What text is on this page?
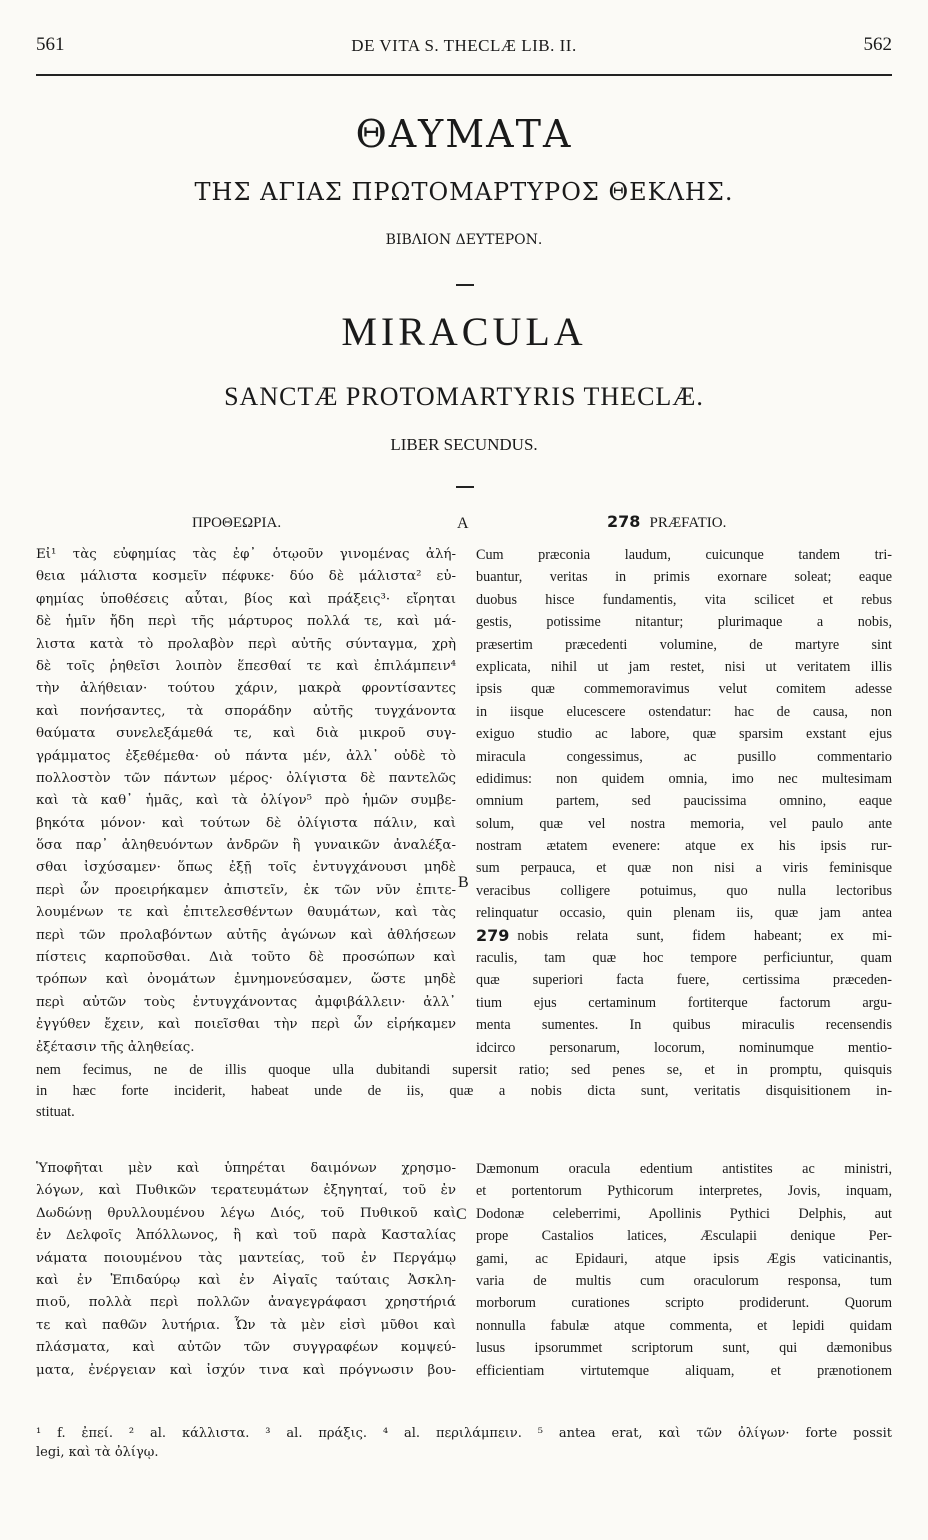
561	DE VITA S. THECLÆ LIB. II.	562
ΘΑΥΜΑΤΑ
ΤΗΣ ΑΓΙΑΣ ΠΡΩΤΟΜΑΡΤΥΡΟΣ ΘΕΚΛΗΣ.
ΒΙΒΛΙΟΝ ΔΕΥΤΕΡΟΝ.
MIRACULA
SANCTÆ PROTOMARTYRIS THECLÆ.
LIBER SECUNDUS.
ΠΡΟΘΕΩΡΙΑ.	A	278 PRÆFATIO.
Εἰ¹ τὰς εὐφημίας τὰς ἐφ᾽ ὁτῳοῦν γινομένας ἀλή-
θεια μάλιστα κοσμεῖν πέφυκε· δύο δὲ μάλιστα² εὐ-
φημίας ὑποθέσεις αὗται, βίος καὶ πράξεις³· εἴρηται
δὲ ἡμῖν ἤδη περὶ τῆς μάρτυρος πολλά τε, καὶ μά-
λιστα κατὰ τὸ προλαβὸν περὶ αὐτῆς σύνταγμα, χρὴ
δὲ τοῖς ῥηθεῖσι λοιπὸν ἕπεσθαί τε καὶ ἐπιλάμπειν⁴
τὴν ἀλήθειαν· τούτου χάριν, μακρὰ φροντίσαντες
καὶ πονήσαντες, τὰ σποράδην αὐτῆς τυγχάνοντα
θαύματα συνελεξάμεθά τε, καὶ διὰ μικροῦ συγ-
γράμματος ἐξεθέμεθα· οὐ πάντα μέν, ἀλλ᾽ οὐδὲ τὸ
πολλοστὸν τῶν πάντων μέρος· ὀλίγιστα δὲ παντελῶς
καὶ τὰ καθ᾽ ἡμᾶς, καὶ τὰ ὀλίγον⁵ πρὸ ἡμῶν συμβε-
βηκότα μόνον· καὶ τούτων δὲ ὀλίγιστα πάλιν, καὶ
ὅσα παρ᾽ ἀληθευόντων ἀνδρῶν ἢ γυναικῶν ἀναλέξα-
σθαι ἰσχύσαμεν· ὅπως ἐξῇ τοῖς ἐντυγχάνουσι μηδὲ
περὶ ὧν προειρήκαμεν ἀπιστεῖν, ἐκ τῶν νῦν ἐπιτε-
λουμένων τε καὶ ἐπιτελεσθέντων θαυμάτων, καὶ τὰς
περὶ τῶν προλαβόντων αὐτῆς ἀγώνων καὶ ἀθλήσεων
πίστεις καρποῦσθαι. Διὰ τοῦτο δὲ προσώπων καὶ
τρόπων καὶ ὀνομάτων ἐμνημονεύσαμεν, ὥστε μηδὲ
περὶ αὐτῶν τοὺς ἐντυγχάνοντας ἀμφιβάλλειν· ἀλλ᾽
ἐγγύθεν ἔχειν, καὶ ποιεῖσθαι τὴν περὶ ὧν εἰρήκαμεν
ἐξέτασιν τῆς ἀληθείας.
B
Cum præconia laudum, cuicunque tandem tri-
buantur, veritas in primis exornare soleat; eaque
duobus hisce fundamentis, vita scilicet et rebus
gestis, potissime nitantur; plurimaque a nobis,
præsertim præcedenti volumine, de martyre sint
explicata, nihil ut jam restet, nisi ut veritatem illis
ipsis quæ commemoravimus velut comitem adesse
in iisque elucescere ostendatur: hac de causa, non
exiguo studio ac labore, quæ sparsim exstant ejus
miracula congessimus, ac pusillo commentario
edidimus: non quidem omnia, imo nec multesimam
omnium partem, sed paucissima omnino, eaque
solum, quæ vel nostra memoria, vel paulo ante
nostram ætatem evenere: atque ex his ipsis rur-
sum perpauca, et quæ non nisi a viris feminisque
veracibus colligere potuimus, quo nulla lectoribus
relinquatur occasio, quin plenam iis, quæ jam antea
279 nobis relata sunt, fidem habeant; ex mi-
raculis, tam quæ hoc tempore perficiuntur, quam
quæ superiori facta fuere, certissima præceden-
tium ejus certaminum fortiterque factorum argu-
menta sumentes. In quibus miraculis recensendis
idcirco personarum, locorum, nominumque mentio-
nem fecimus, ne de illis quoque ulla dubitandi supersit ratio; sed penes se, et in promptu, quisquis
in hæc forte inciderit, habeat unde de iis, quæ a nobis dicta sunt, veritatis disquisitionem in-
stituat.
Ὑποφῆται μὲν καὶ ὑπηρέται δαιμόνων χρησμο-
λόγων, καὶ Πυθικῶν τερατευμάτων ἐξηγηταί, τοῦ ἐν
Δωδώνῃ θρυλλουμένου λέγω Διός, τοῦ Πυθικοῦ καὶ
ἐν Δελφοῖς Ἀπόλλωνος, ἢ καὶ τοῦ παρὰ Κασταλίας
νάματα ποιουμένου τὰς μαντείας, τοῦ ἐν Περγάμῳ
καὶ ἐν Ἐπιδαύρῳ καὶ ἐν Αἰγαῖς ταύταις Ἀσκλη-
πιοῦ, πολλὰ περὶ πολλῶν ἀναγεγράφασι χρηστήριά
τε καὶ παθῶν λυτήρια. Ὧν τὰ μὲν εἰσὶ μῦθοι καὶ
πλάσματα, καὶ αὐτῶν τῶν συγγραφέων κομψεύ-
ματα, ἐνέργειαν καὶ ἰσχύν τινα καὶ πρόγνωσιν βου-
C
Dæmonum oracula edentium antistites ac ministri,
et portentorum Pythicorum interpretes, Jovis, inquam,
Dodonæ celeberrimi, Apollinis Pythici Delphis, aut
prope Castalios latices, Æsculapii denique Per-
gami, ac Epidauri, atque ipsis Ægis vaticinantis,
varia de multis cum oraculorum responsa, tum
morborum curationes scripto prodiderunt. Quorum
nonnulla fabulæ atque commenta, et lepidi quidam
lusus ipsorummet scriptorum sunt, qui dæmonibus
efficientiam virtutemque aliquam, et prænotionem
¹ f. ἐπεί. ² al. κάλλιστα. ³ al. πράξις. ⁴ al. περιλάμπειν. ⁵ antea erat, καὶ τῶν ὀλίγων· forte possit
legi, καὶ τὰ ὀλίγῳ.
